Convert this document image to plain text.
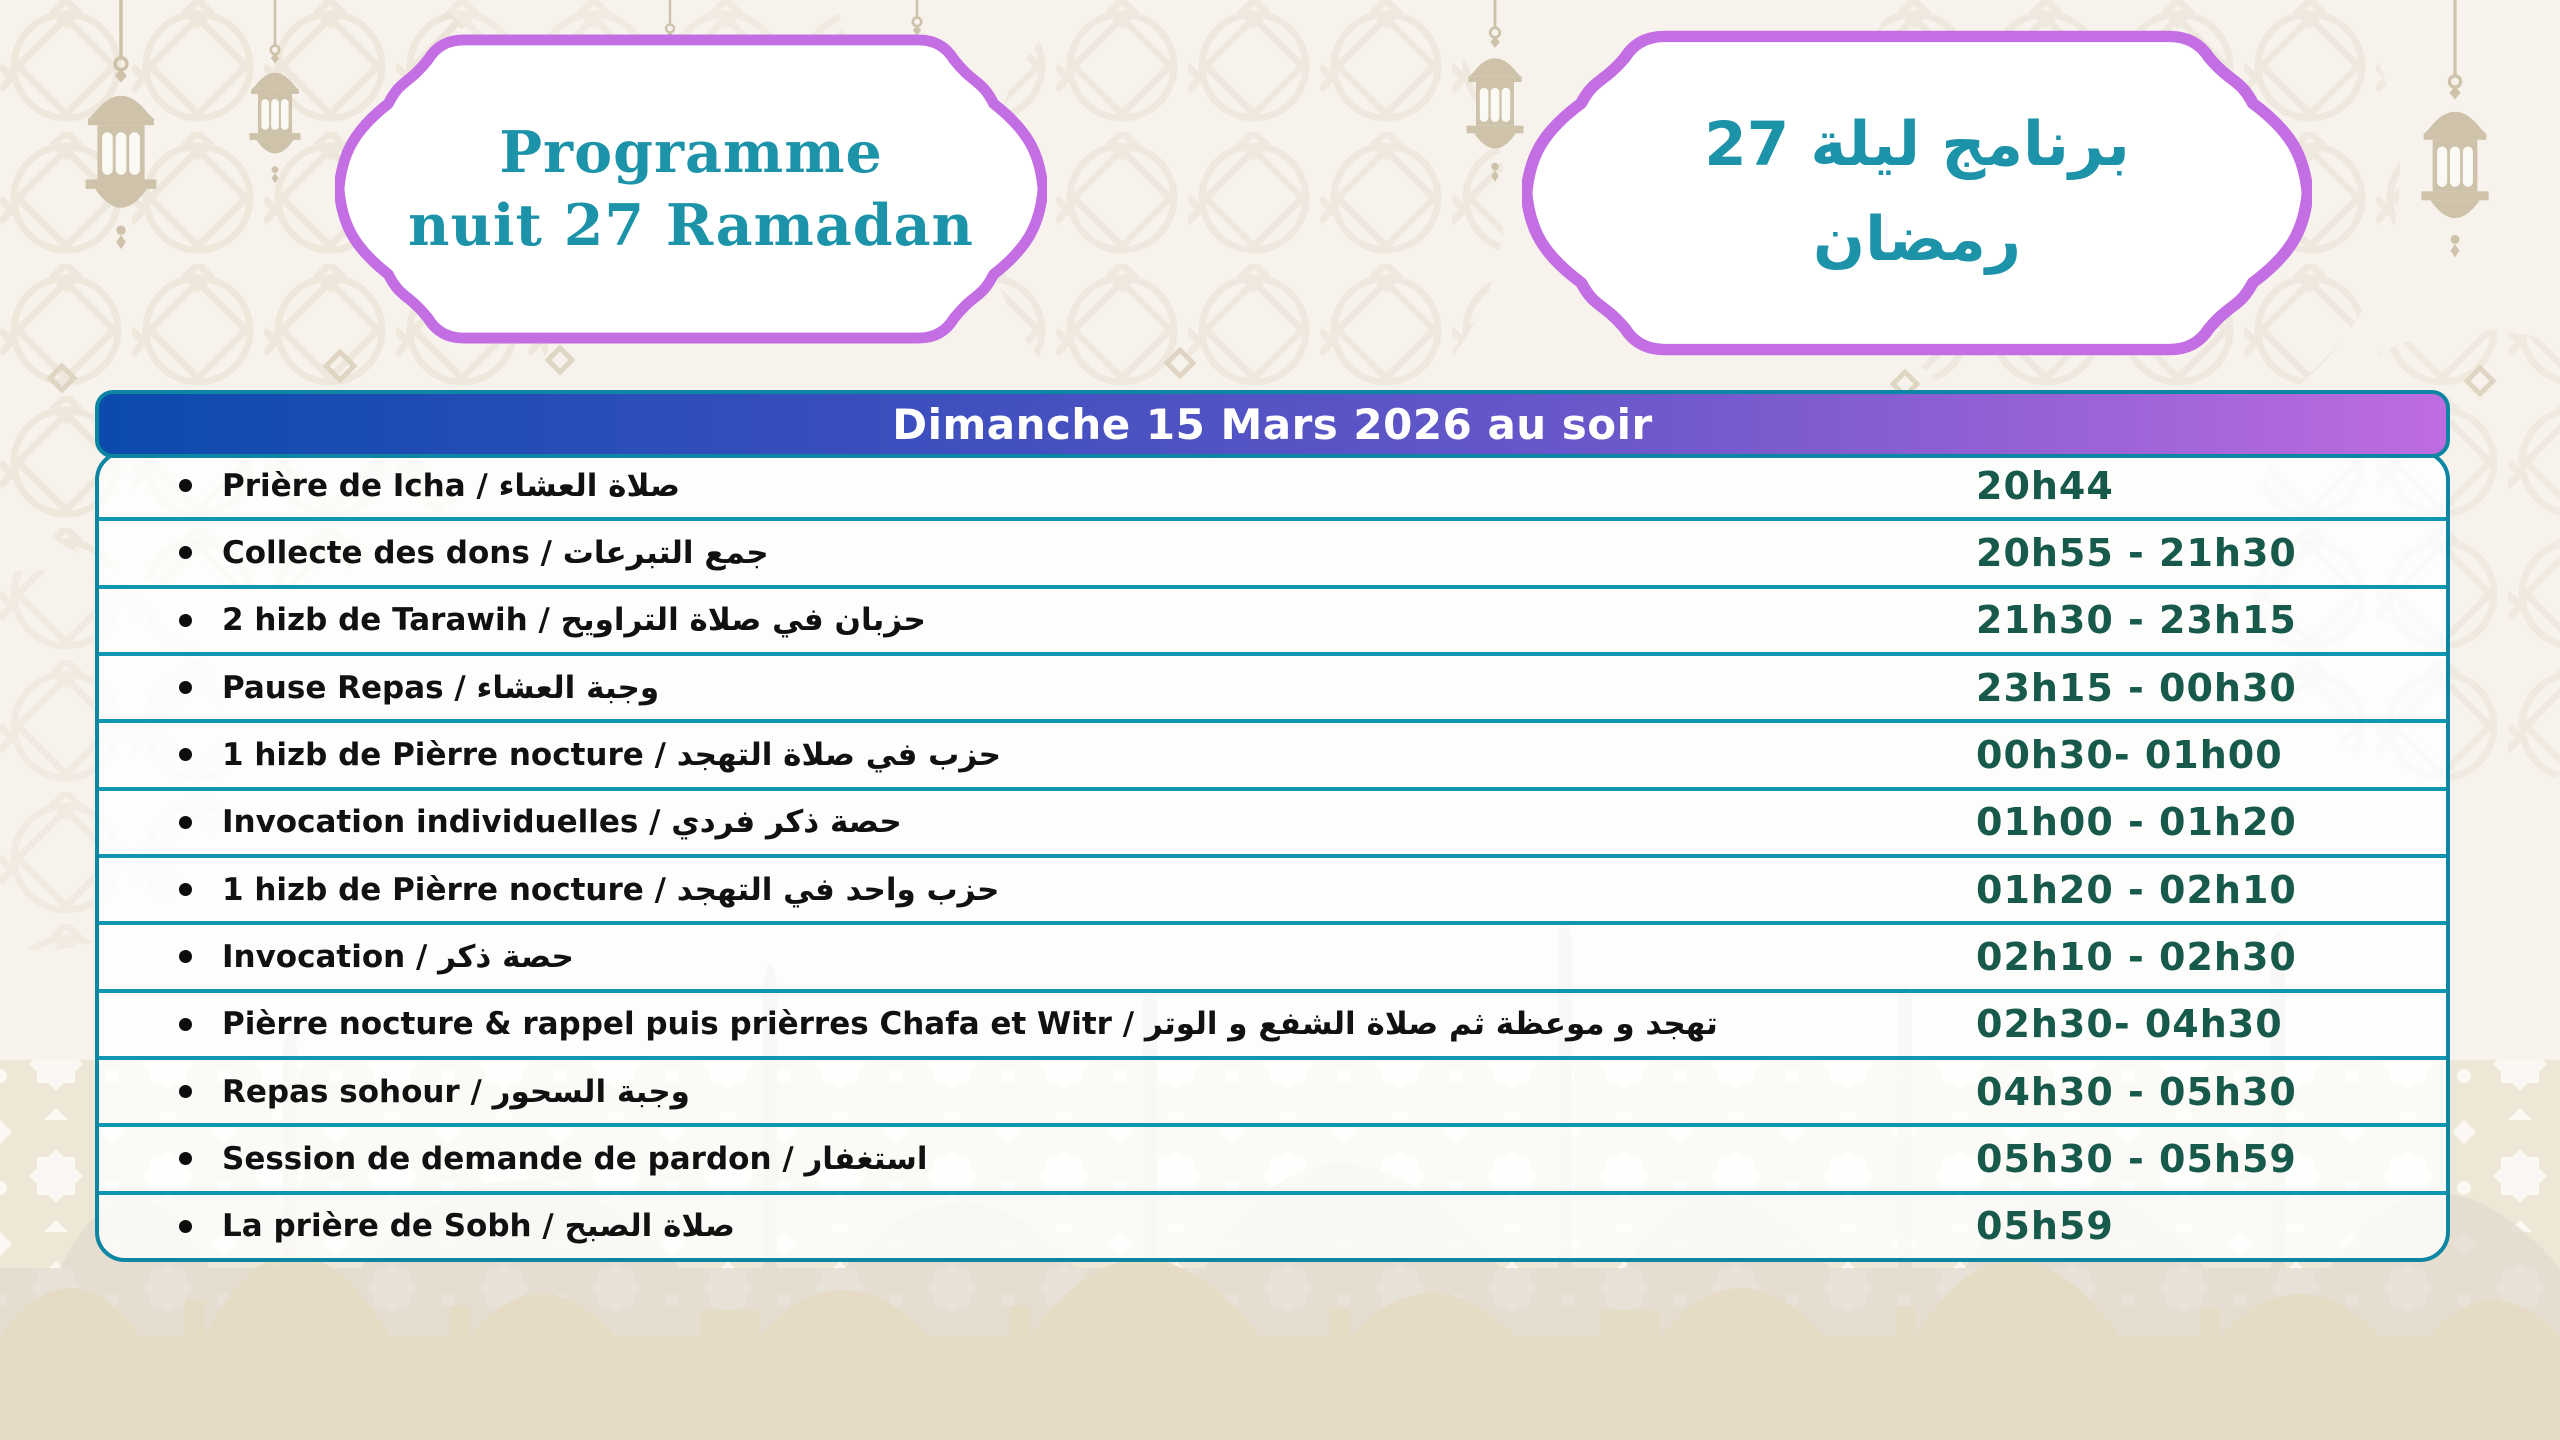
Programme
nuit 27 Ramadan
برنامج ليلة 27
رمضان
Prière de Icha / صلاة العشاء	20h44
Collecte des dons / جمع التبرعات	20h55 - 21h30
2 hizb de Tarawih / حزبان في صلاة التراويح	21h30 - 23h15
Pause Repas / وجبة العشاء	23h15 - 00h30
1 hizb de Pièrre nocture / حزب في صلاة التهجد	00h30- 01h00
Invocation individuelles / حصة ذكر فردي	01h00 - 01h20
1 hizb de Pièrre nocture / حزب واحد في التهجد	01h20 - 02h10
Invocation / حصة ذكر	02h10 - 02h30
Pièrre nocture & rappel puis prièrres Chafa et Witr / تهجد و موعظة ثم صلاة الشفع و الوتر	02h30- 04h30
Repas sohour / وجبة السحور	04h30 - 05h30
Session de demande de pardon / استغفار	05h30 - 05h59
La prière de Sobh / صلاة الصبح	05h59
Dimanche 15 Mars 2026 au soir
